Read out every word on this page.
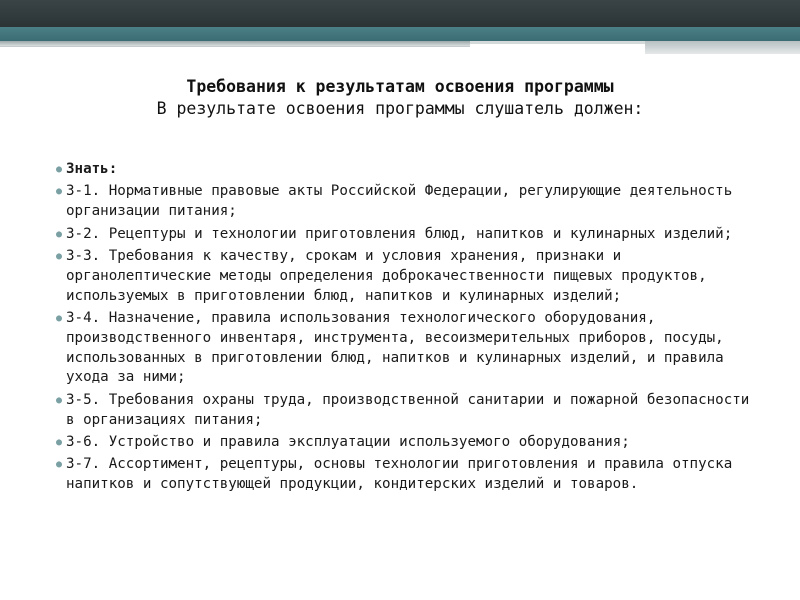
Требования к результатам освоения программы
В результате освоения программы слушатель должен:
● Знать:
● З-1. Нормативные правовые акты Российской Федерации, регулирующие деятельность организации питания;
● З-2. Рецептуры и технологии приготовления блюд, напитков и кулинарных изделий;
● З-3. Требования к качеству, срокам и условия хранения, признаки и органолептические методы определения доброкачественности пищевых продуктов, используемых в приготовлении блюд, напитков и кулинарных изделий;
● З-4. Назначение, правила использования технологического оборудования, производственного инвентаря, инструмента, весоизмерительных приборов, посуды, использованных в приготовлении блюд, напитков и кулинарных изделий, и правила ухода за ними;
● З-5. Требования охраны труда, производственной санитарии и пожарной безопасности в организациях питания;
● З-6. Устройство и правила эксплуатации используемого оборудования;
● З-7. Ассортимент, рецептуры, основы технологии приготовления и правила отпуска напитков и сопутствующей продукции, кондитерских изделий и товаров.
